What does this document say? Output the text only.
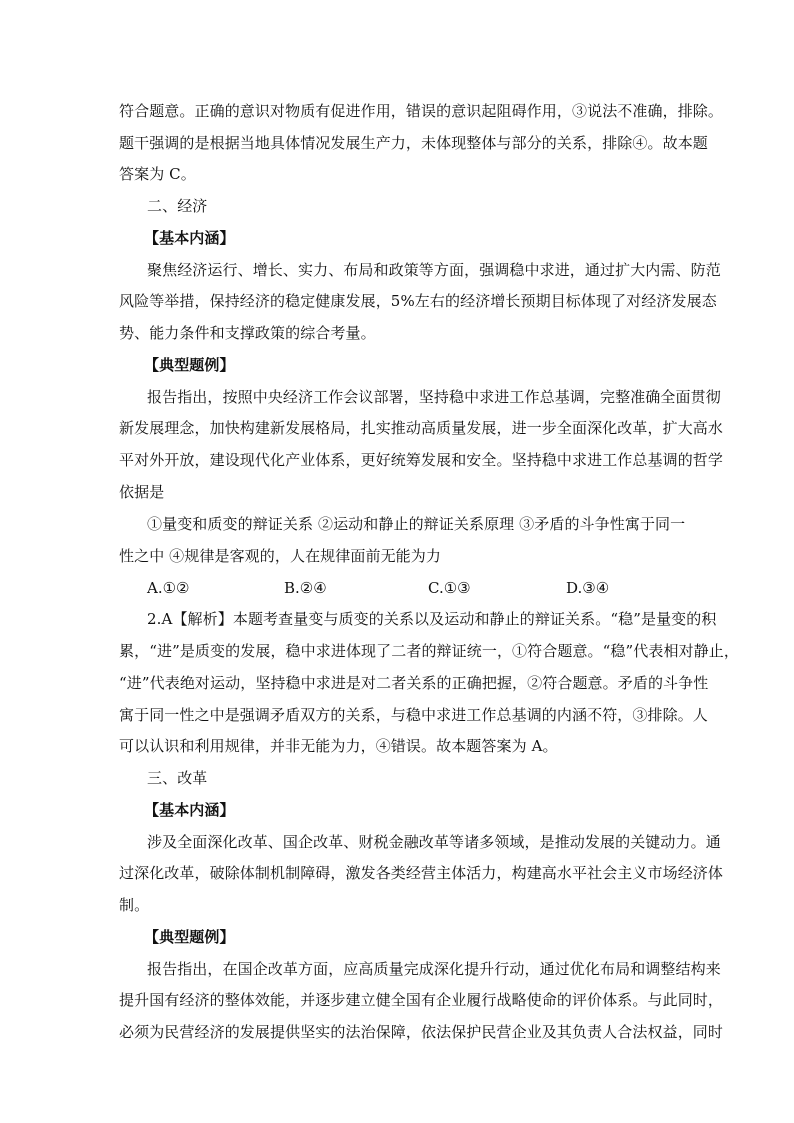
符合题意。正确的意识对物质有促进作用，错误的意识起阻碍作用，③说法不准确，排除。
题干强调的是根据当地具体情况发展生产力，未体现整体与部分的关系，排除④。故本题
答案为 C。
二、经济
【基本内涵】
聚焦经济运行、增长、实力、布局和政策等方面，强调稳中求进，通过扩大内需、防范
风险等举措，保持经济的稳定健康发展，5%左右的经济增长预期目标体现了对经济发展态
势、能力条件和支撑政策的综合考量。
【典型题例】
报告指出，按照中央经济工作会议部署，坚持稳中求进工作总基调，完整准确全面贯彻
新发展理念，加快构建新发展格局，扎实推动高质量发展，进一步全面深化改革，扩大高水
平对外开放，建设现代化产业体系，更好统筹发展和安全。坚持稳中求进工作总基调的哲学
依据是
①量变和质变的辩证关系 ②运动和静止的辩证关系原理 ③矛盾的斗争性寓于同一
性之中 ④规律是客观的，人在规律面前无能为力
A.①②	B.②④	C.①③	D.③④
2.A【解析】本题考查量变与质变的关系以及运动和静止的辩证关系。“稳”是量变的积
累，“进”是质变的发展，稳中求进体现了二者的辩证统一，①符合题意。“稳”代表相对静止，
“进”代表绝对运动，坚持稳中求进是对二者关系的正确把握，②符合题意。矛盾的斗争性
寓于同一性之中是强调矛盾双方的关系，与稳中求进工作总基调的内涵不符，③排除。人
可以认识和利用规律，并非无能为力，④错误。故本题答案为 A。
三、改革
【基本内涵】
涉及全面深化改革、国企改革、财税金融改革等诸多领域，是推动发展的关键动力。通
过深化改革，破除体制机制障碍，激发各类经营主体活力，构建高水平社会主义市场经济体
制。
【典型题例】
报告指出，在国企改革方面，应高质量完成深化提升行动，通过优化布局和调整结构来
提升国有经济的整体效能，并逐步建立健全国有企业履行战略使命的评价体系。与此同时，
必须为民营经济的发展提供坚实的法治保障，依法保护民营企业及其负责人合法权益，同时
